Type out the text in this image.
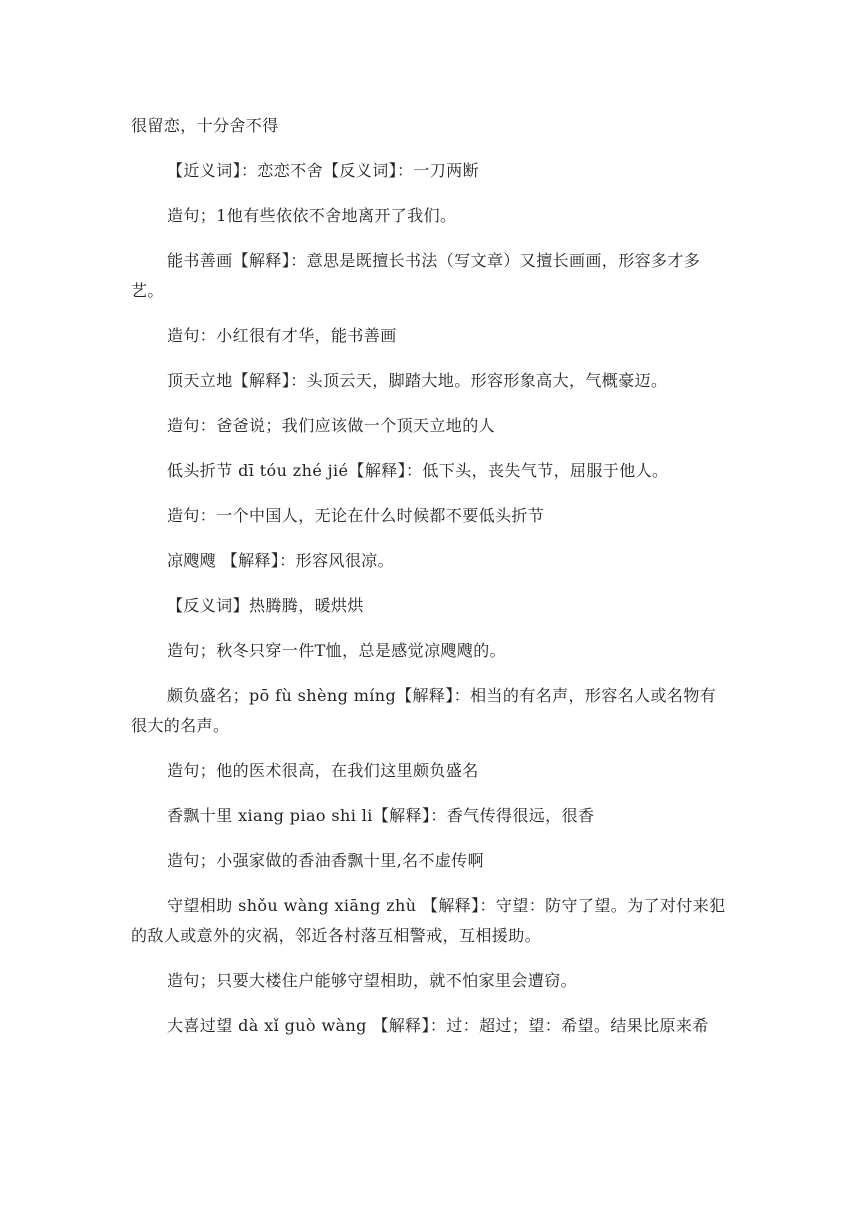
很留恋，十分舍不得

【近义词】：恋恋不舍【反义词】：一刀两断

造句；1他有些依依不舍地离开了我们。

能书善画【解释】：意思是既擅长书法（写文章）又擅长画画，形容多才多艺。

造句：小红很有才华，能书善画

顶天立地【解释】：头顶云天，脚踏大地。形容形象高大，气概豪迈。

造句：爸爸说；我们应该做一个顶天立地的人

低头折节 dī tóu zhé jié【解释】：低下头，丧失气节，屈服于他人。

造句：一个中国人，无论在什么时候都不要低头折节

凉飕飕 【解释】：形容风很凉。

【反义词】热腾腾，暖烘烘

造句；秋冬只穿一件T恤，总是感觉凉飕飕的。

颇负盛名；pō fù shèng míng【解释】：相当的有名声，形容名人或名物有很大的名声。

造句；他的医术很高，在我们这里颇负盛名

香飘十里 xiang piao shi li【解释】：香气传得很远，很香

造句；小强家做的香油香飘十里,名不虚传啊

守望相助 shǒu wàng xiāng zhù 【解释】：守望：防守了望。为了对付来犯的敌人或意外的灾祸，邻近各村落互相警戒，互相援助。

造句；只要大楼住户能够守望相助，就不怕家里会遭窃。

大喜过望 dà xǐ guò wàng 【解释】：过：超过；望：希望。结果比原来希
